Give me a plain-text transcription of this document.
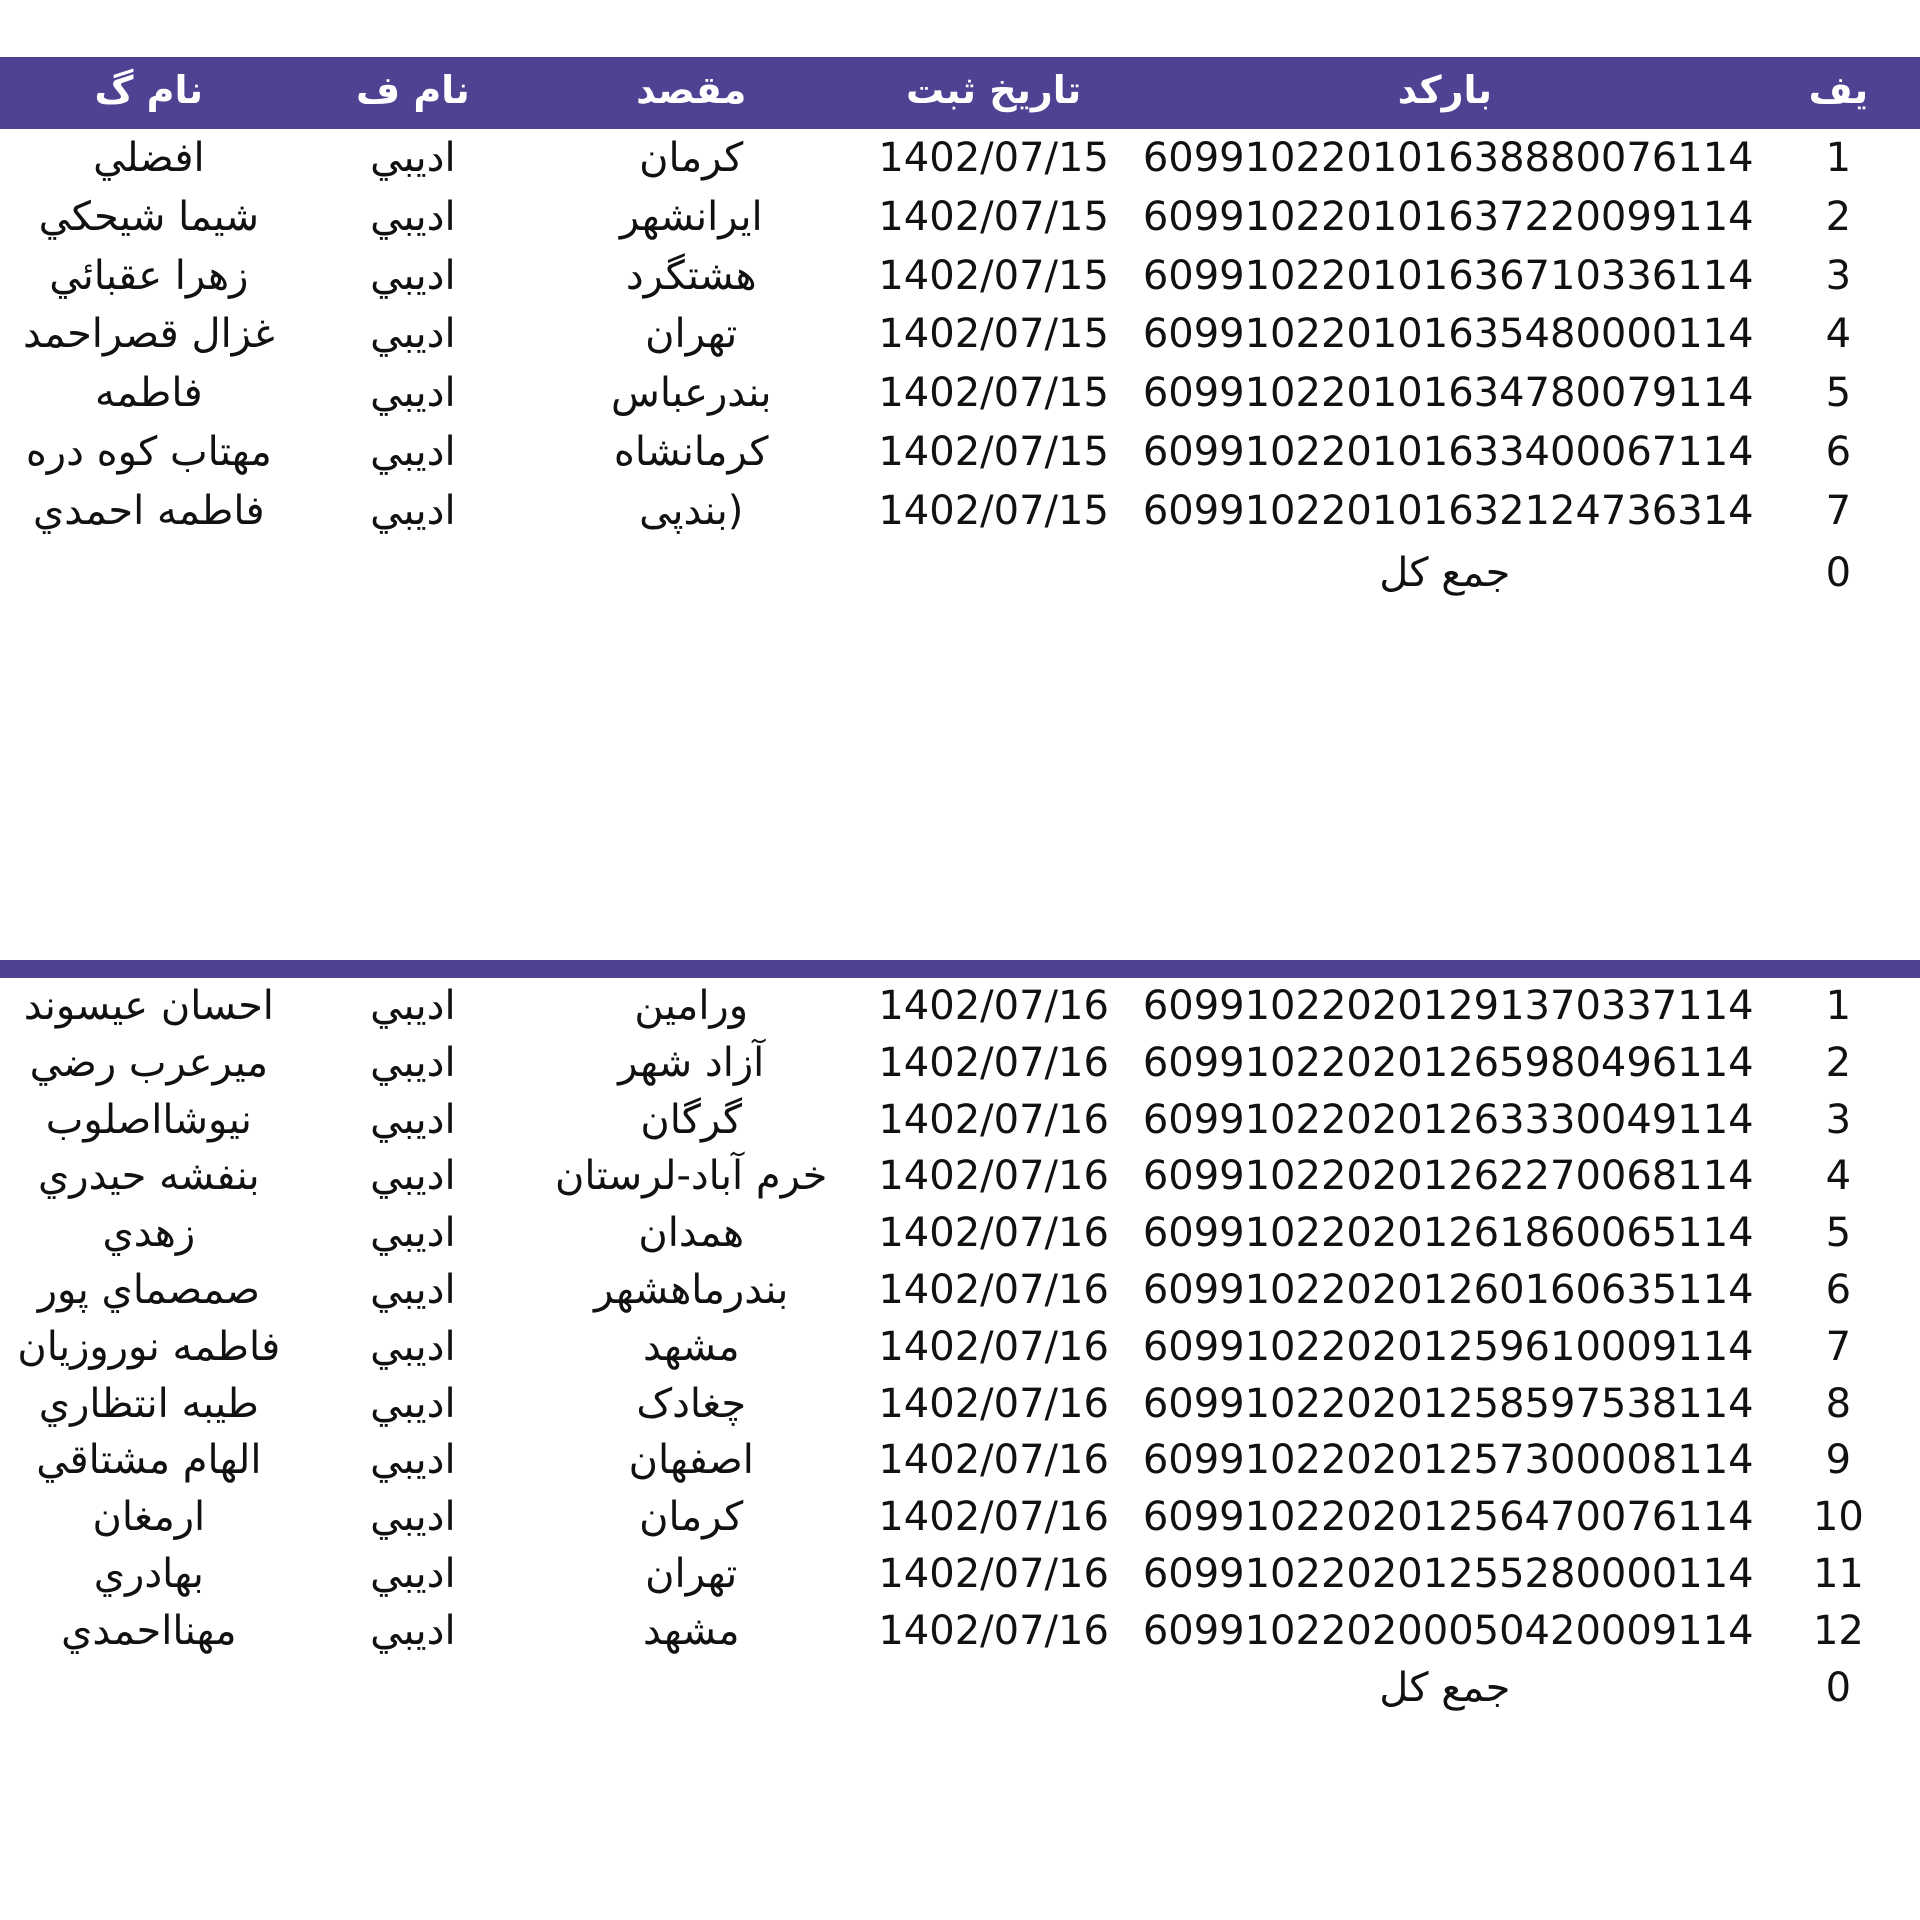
یف	بارکد	تاریخ ثبت	مقصد	نام ف	نام گ
1	609910220101638880076114	1402/07/15	کرمان	ادیبي	افضلي
2	609910220101637220099114	1402/07/15	ایرانشهر	ادیبي	شیما شیحکي
3	609910220101636710336114	1402/07/15	هشتگرد	ادیبي	زهرا عقبائي
4	609910220101635480000114	1402/07/15	تهران	ادیبي	غزال قصراحمد
5	609910220101634780079114	1402/07/15	بندرعباس	ادیبي	فاطمه
6	609910220101633400067114	1402/07/15	کرمانشاه	ادیبي	مهتاب کوه دره
7	609910220101632124736314	1402/07/15	(بندپی	ادیبي	فاطمه احمدي
0	جمع کل				

1	609910220201291370337114	1402/07/16	ورامین	ادیبي	احسان عیسوند
2	609910220201265980496114	1402/07/16	آزاد شهر	ادیبي	میرعرب رضي
3	609910220201263330049114	1402/07/16	گرگان	ادیبي	نیوشااصلوب
4	609910220201262270068114	1402/07/16	خرم آباد-لرستان	ادیبي	بنفشه حیدري
5	609910220201261860065114	1402/07/16	همدان	ادیبي	زهدي
6	609910220201260160635114	1402/07/16	بندرماهشهر	ادیبي	صمصماي پور
7	609910220201259610009114	1402/07/16	مشهد	ادیبي	فاطمه نوروزیان
8	609910220201258597538114	1402/07/16	چغادک	ادیبي	طیبه انتظاري
9	609910220201257300008114	1402/07/16	اصفهان	ادیبي	الهام مشتاقي
10	609910220201256470076114	1402/07/16	کرمان	ادیبي	ارمغان
11	609910220201255280000114	1402/07/16	تهران	ادیبي	بهادري
12	609910220200050420009114	1402/07/16	مشهد	ادیبي	مهنااحمدي
0	جمع کل				
